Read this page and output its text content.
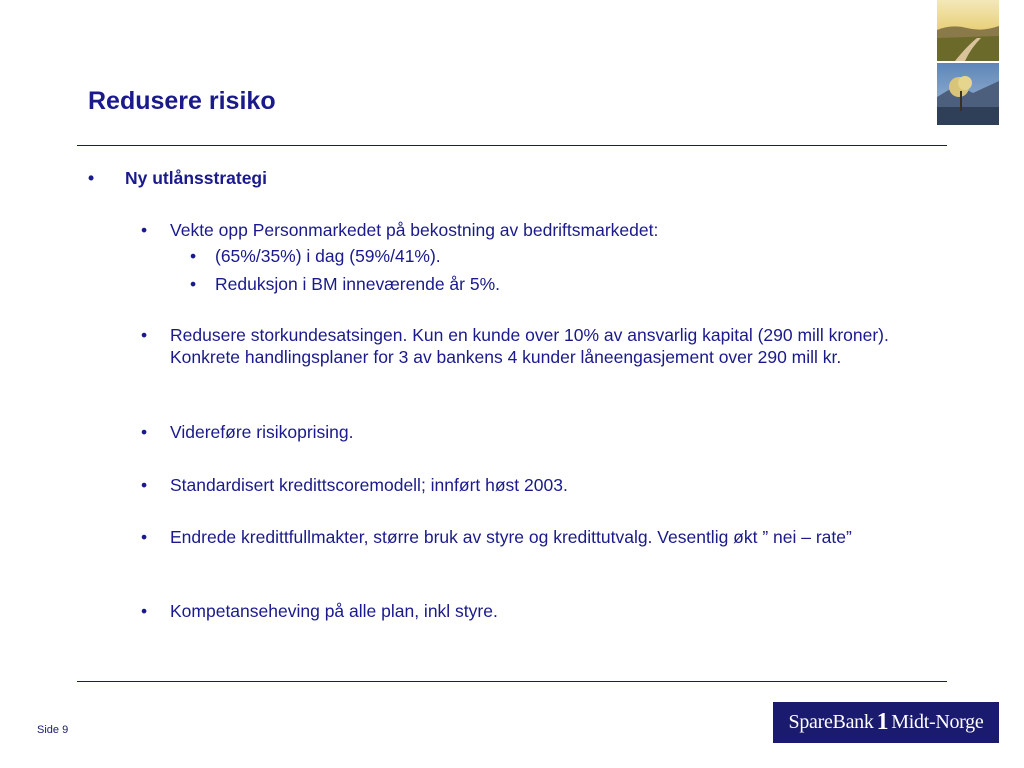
Redusere risiko
• Ny utlånsstrategi
• Vekte opp Personmarkedet på bekostning av bedriftsmarkedet:
• (65%/35%) i dag (59%/41%).
• Reduksjon i BM inneværende år 5%.
• Redusere storkundesatsingen. Kun en kunde over 10% av ansvarlig kapital (290 mill kroner). Konkrete handlingsplaner for 3 av bankens 4 kunder låneengasjement over 290 mill kr.
• Videreføre risikoprising.
• Standardisert kredittscoremodell; innført høst 2003.
• Endrede kredittfullmakter, større bruk av styre og kredittutvalg. Vesentlig økt ” nei – rate”
• Kompetanseheving på alle plan, inkl styre.
Side 9	SpareBank 1 Midt-Norge
